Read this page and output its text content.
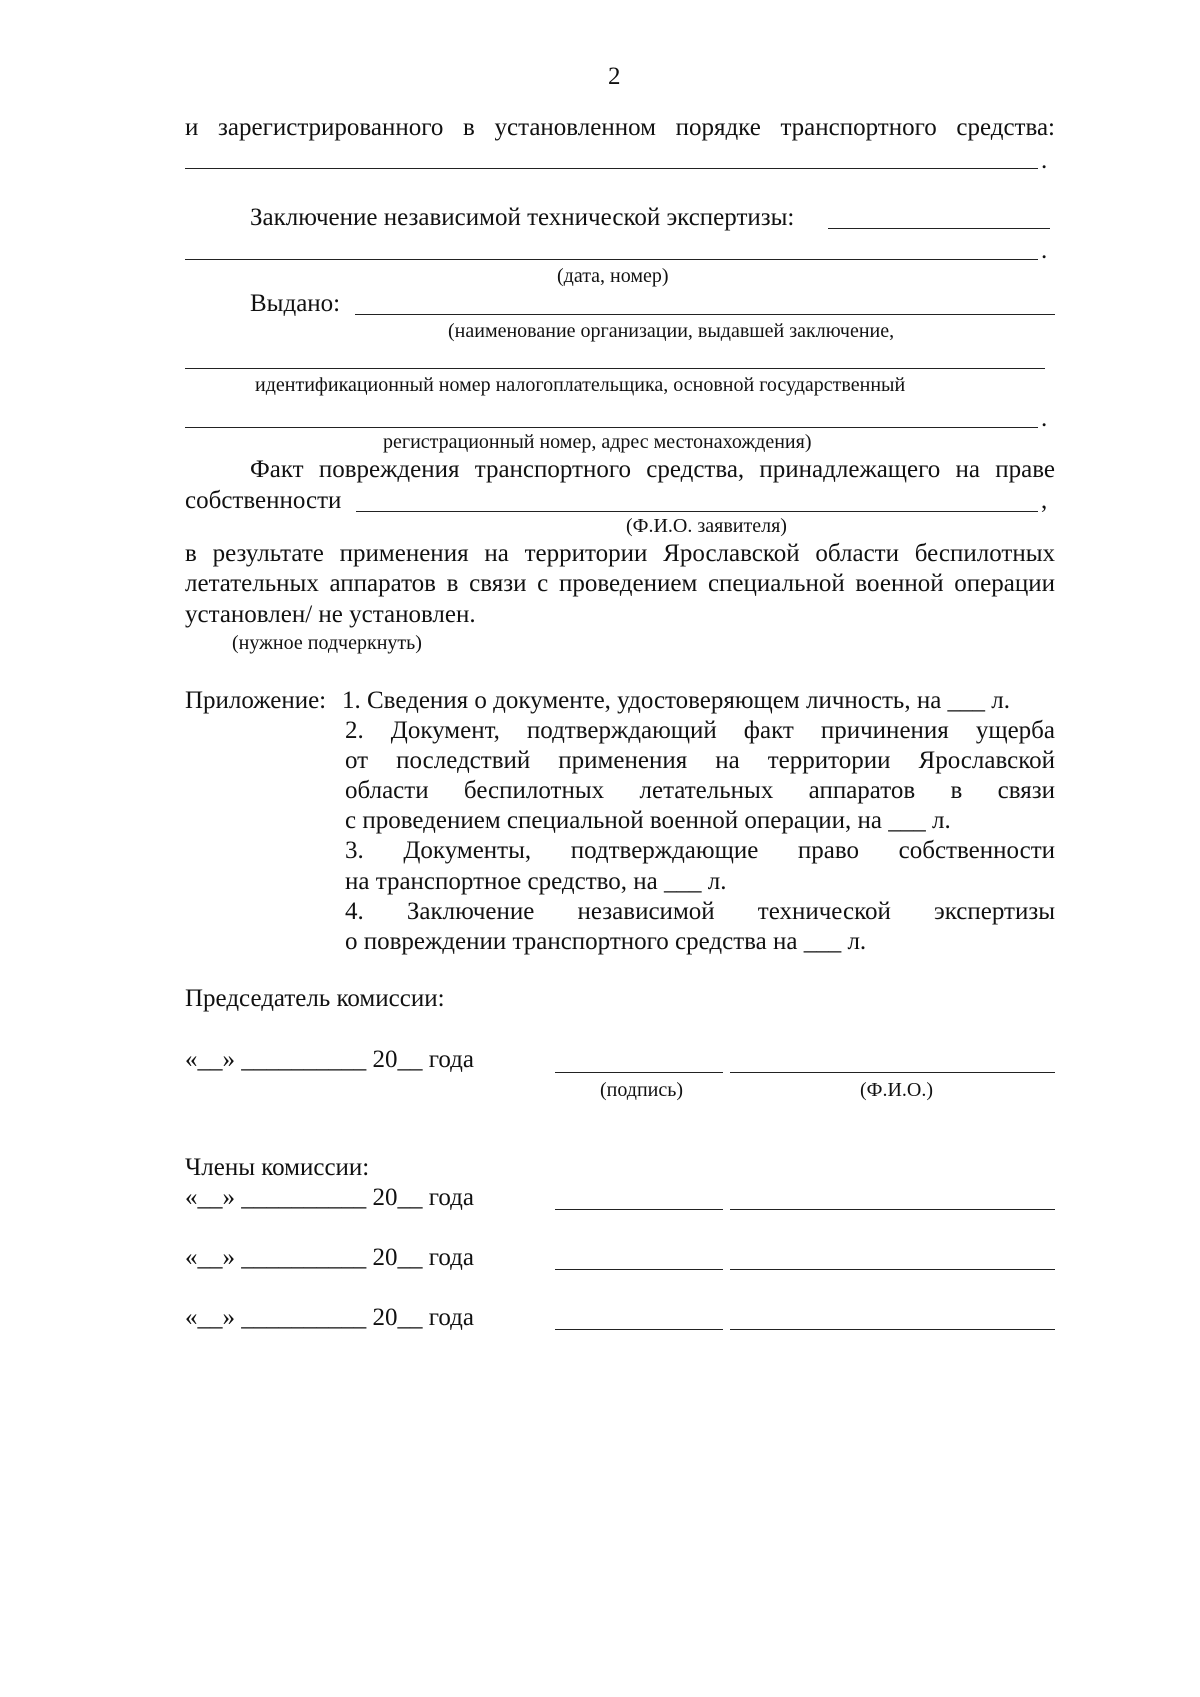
2
и зарегистрированного в установленном порядке транспортного средства:
.
Заключение независимой технической экспертизы:
.
(дата, номер)
Выдано:
(наименование организации, выдавшей заключение,
идентификационный номер налогоплательщика, основной государственный
.
регистрационный номер, адрес местонахождения)
Факт повреждения транспортного средства, принадлежащего на праве
собственности	,
(Ф.И.О. заявителя)
в результате применения на территории Ярославской области беспилотных
летательных аппаратов в связи с проведением специальной военной операции
установлен/ не установлен.
(нужное подчеркнуть)
Приложение: 1. Сведения о документе, удостоверяющем личность, на ___ л.
2. Документ, подтверждающий факт причинения ущерба
от последствий применения на территории Ярославской
области беспилотных летательных аппаратов в связи
с проведением специальной военной операции, на ___ л.
3. Документы, подтверждающие право собственности
на транспортное средство, на ___ л.
4. Заключение независимой технической экспертизы
о повреждении транспортного средства на ___ л.
Председатель комиссии:
«__» __________ 20__ года
(подпись)	(Ф.И.О.)
Члены комиссии:
«__» __________ 20__ года
«__» __________ 20__ года
«__» __________ 20__ года
